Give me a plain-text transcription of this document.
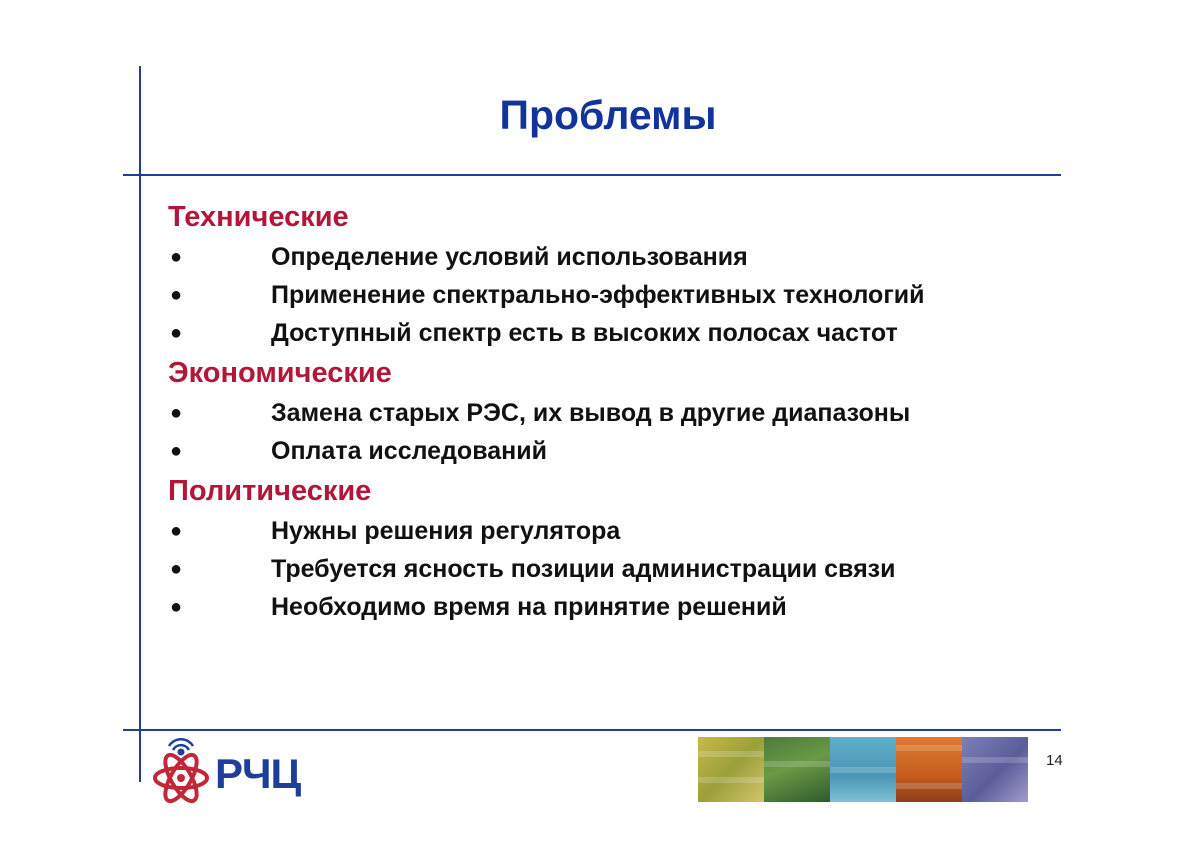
Проблемы
Технические
●	Определение условий использования
●	Применение спектрально-эффективных технологий
●	Доступный спектр есть в высоких полосах частот
Экономические
●	Замена старых РЭС, их вывод в другие диапазоны
●	Оплата исследований
Политические
●	Нужны решения регулятора
●	Требуется ясность позиции администрации связи
●	Необходимо время на принятие решений
РЧЦ	14
